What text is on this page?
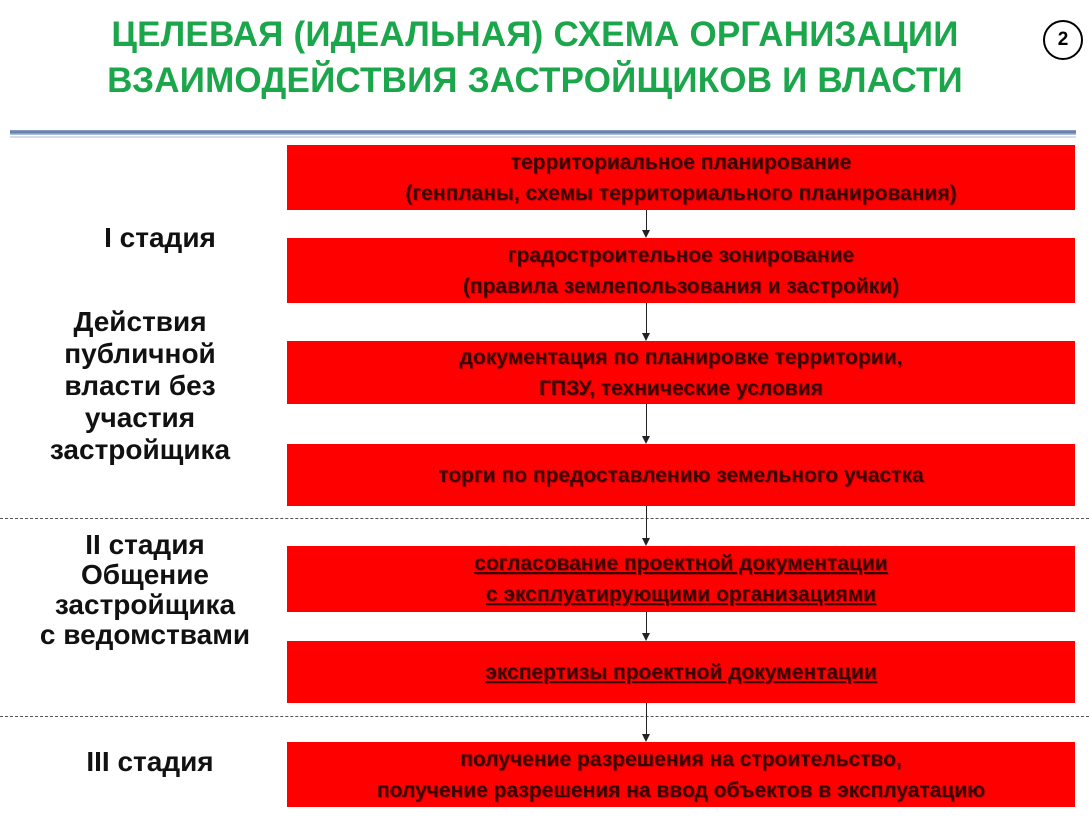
ЦЕЛЕВАЯ (ИДЕАЛЬНАЯ) СХЕМА ОРГАНИЗАЦИИ
ВЗАИМОДЕЙСТВИЯ ЗАСТРОЙЩИКОВ И ВЛАСТИ
2
I стадия
Действия
публичной
власти без
участия
застройщика
II стадия
Общение
застройщика
с ведомствами
III стадия
территориальное планирование
(генпланы, схемы территориального планирования)
градостроительное зонирование
(правила землепользования и застройки)
документация по планировке территории,
ГПЗУ, технические условия
торги по предоставлению земельного участка
согласование проектной документации
с эксплуатирующими организациями
экспертизы проектной документации
получение разрешения на строительство,
получение разрешения на ввод объектов в эксплуатацию
